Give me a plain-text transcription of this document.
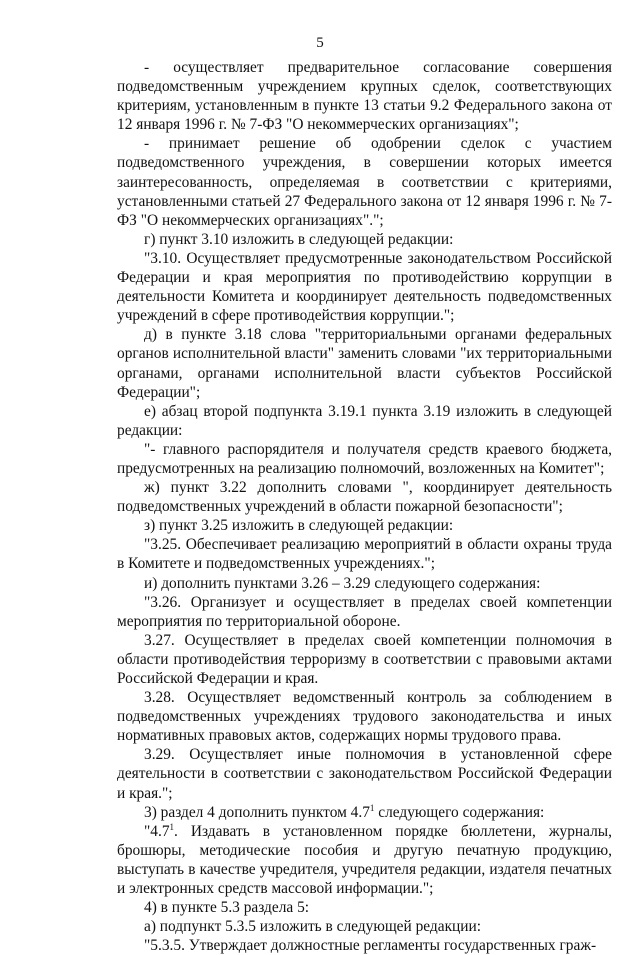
5

- осуществляет предварительное согласование совершения подведомственным учреждением крупных сделок, соответствующих критериям, установленным в пункте 13 статьи 9.2 Федерального закона от 12 января 1996 г. № 7-ФЗ "О некоммерческих организациях";

- принимает решение об одобрении сделок с участием подведомственного учреждения, в совершении которых имеется заинтересованность, определяемая в соответствии с критериями, установленными статьей 27 Федерального закона от 12 января 1996 г. № 7-ФЗ "О некоммерческих организациях".";

г) пункт 3.10 изложить в следующей редакции:

"3.10. Осуществляет предусмотренные законодательством Российской Федерации и края мероприятия по противодействию коррупции в деятельности Комитета и координирует деятельность подведомственных учреждений в сфере противодействия коррупции.";

д) в пункте 3.18 слова "территориальными органами федеральных органов исполнительной власти" заменить словами "их территориальными органами, органами исполнительной власти субъектов Российской Федерации";

е) абзац второй подпункта 3.19.1 пункта 3.19 изложить в следующей редакции:

"- главного распорядителя и получателя средств краевого бюджета, предусмотренных на реализацию полномочий, возложенных на Комитет";

ж) пункт 3.22 дополнить словами ", координирует деятельность подведомственных учреждений в области пожарной безопасности";

з) пункт 3.25 изложить в следующей редакции:

"3.25. Обеспечивает реализацию мероприятий в области охраны труда в Комитете и подведомственных учреждениях.";

и) дополнить пунктами 3.26 – 3.29 следующего содержания:

"3.26. Организует и осуществляет в пределах своей компетенции мероприятия по территориальной обороне.

3.27. Осуществляет в пределах своей компетенции полномочия в области противодействия терроризму в соответствии с правовыми актами Российской Федерации и края.

3.28. Осуществляет ведомственный контроль за соблюдением в подведомственных учреждениях трудового законодательства и иных нормативных правовых актов, содержащих нормы трудового права.

3.29. Осуществляет иные полномочия в установленной сфере деятельности в соответствии с законодательством Российской Федерации и края.";

3) раздел 4 дополнить пунктом $4.7^1$ следующего содержания:

"$4.7^1$. Издавать в установленном порядке бюллетени, журналы, брошюры, методические пособия и другую печатную продукцию, выступать в качестве учредителя, учредителя редакции, издателя печатных и электронных средств массовой информации.";

4) в пункте 5.3 раздела 5:

а) подпункт 5.3.5 изложить в следующей редакции:

"5.3.5. Утверждает должностные регламенты государственных граж-
